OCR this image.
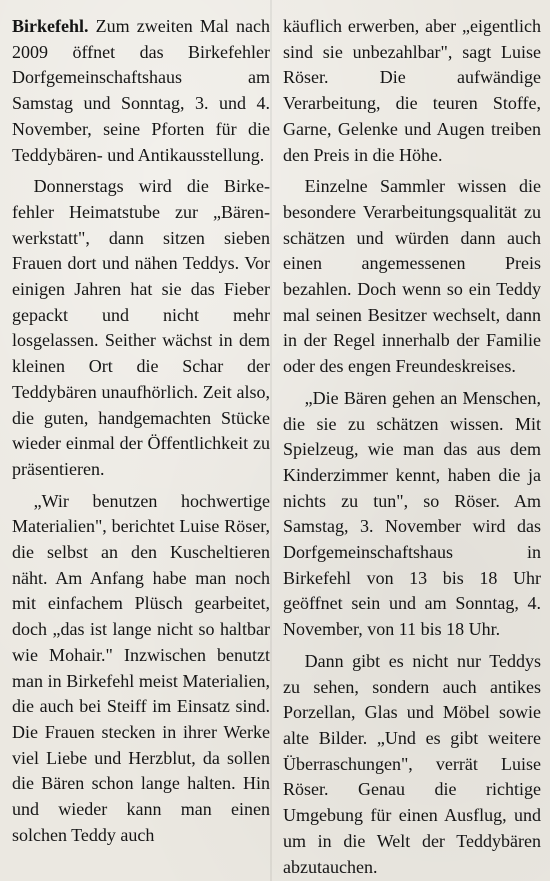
Birkefehl. Zum zweiten Mal nach 2009 öffnet das Birkefehler Dorfgemeinschaftshaus am Samstag und Sonntag, 3. und 4. November, seine Pforten für die Teddybären- und Antikausstellung.

Donnerstags wird die Birkefehler Heimatstube zur „Bärenwerkstatt", dann sitzen sieben Frauen dort und nähen Teddys. Vor einigen Jahren hat sie das Fieber gepackt und nicht mehr losgelassen. Seither wächst in dem kleinen Ort die Schar der Teddybären unaufhörlich. Zeit also, die guten, handgemachten Stücke wieder einmal der Öffentlichkeit zu präsentieren.

„Wir benutzen hochwertige Materialien", berichtet Luise Röser, die selbst an den Kuscheltieren näht. Am Anfang habe man noch mit einfachem Plüsch gearbeitet, doch „das ist lange nicht so haltbar wie Mohair." Inzwischen benutzt man in Birkefehl meist Materialien, die auch bei Steiff im Einsatz sind. Die Frauen stecken in ihrer Werke viel Liebe und Herzblut, da sollen die Bären schon lange halten. Hin und wieder kann man einen solchen Teddy auch

käuflich erwerben, aber „eigentlich sind sie unbezahlbar", sagt Luise Röser. Die aufwändige Verarbeitung, die teuren Stoffe, Garne, Gelenke und Augen treiben den Preis in die Höhe.

Einzelne Sammler wissen die besondere Verarbeitungsqualität zu schätzen und würden dann auch einen angemessenen Preis bezahlen. Doch wenn so ein Teddy mal seinen Besitzer wechselt, dann in der Regel innerhalb der Familie oder des engen Freundeskreises.

„Die Bären gehen an Menschen, die sie zu schätzen wissen. Mit Spielzeug, wie man das aus dem Kinderzimmer kennt, haben die ja nichts zu tun", so Röser. Am Samstag, 3. November wird das Dorfgemeinschaftshaus in Birkefehl von 13 bis 18 Uhr geöffnet sein und am Sonntag, 4. November, von 11 bis 18 Uhr.

Dann gibt es nicht nur Teddys zu sehen, sondern auch antikes Porzellan, Glas und Möbel sowie alte Bilder. „Und es gibt weitere Überraschungen", verrät Luise Röser. Genau die richtige Umgebung für einen Ausflug, und um in die Welt der Teddybären abzutauchen.
